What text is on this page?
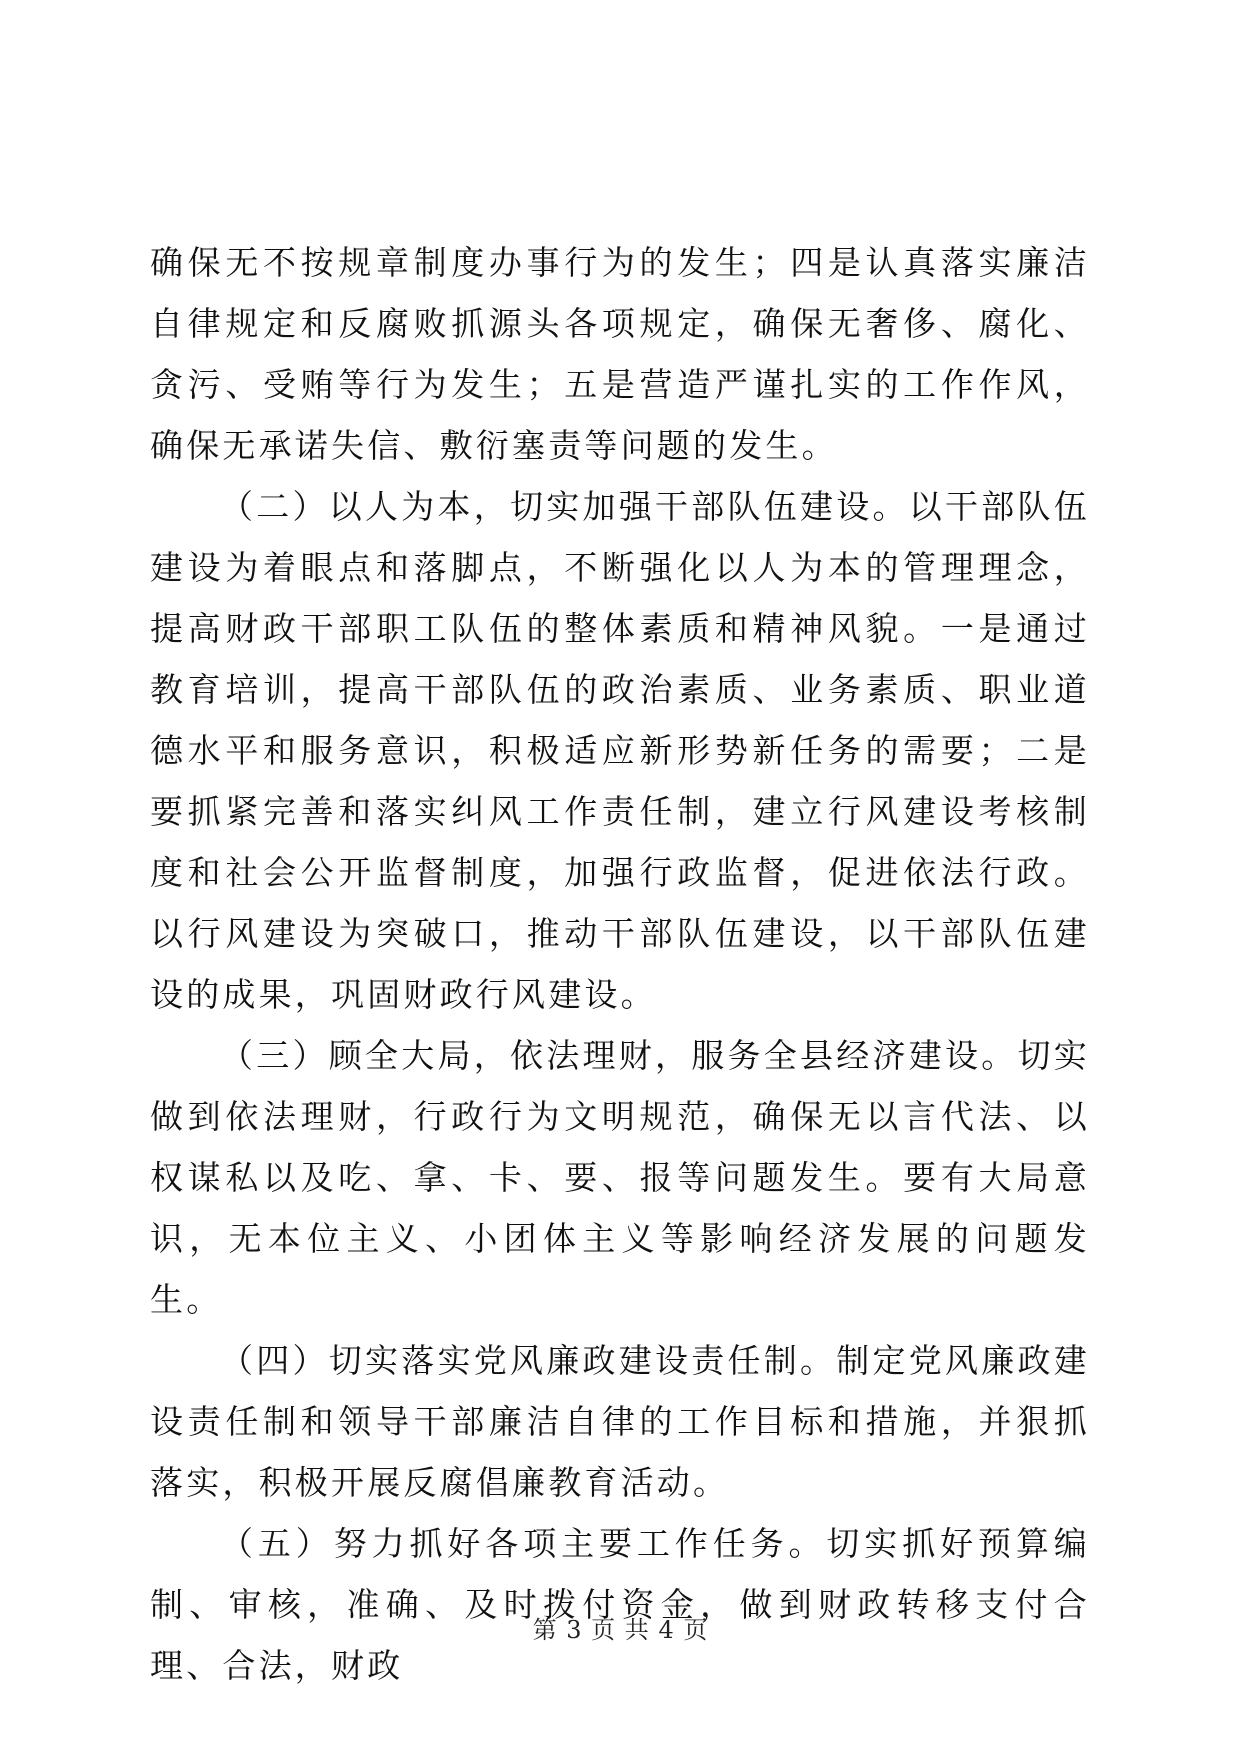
确保无不按规章制度办事行为的发生；四是认真落实廉洁自律规定和反腐败抓源头各项规定，确保无奢侈、腐化、贪污、受贿等行为发生；五是营造严谨扎实的工作作风，确保无承诺失信、敷衍塞责等问题的发生。

（二）以人为本，切实加强干部队伍建设。以干部队伍建设为着眼点和落脚点，不断强化以人为本的管理理念，提高财政干部职工队伍的整体素质和精神风貌。一是通过教育培训，提高干部队伍的政治素质、业务素质、职业道德水平和服务意识，积极适应新形势新任务的需要；二是要抓紧完善和落实纠风工作责任制，建立行风建设考核制度和社会公开监督制度，加强行政监督，促进依法行政。以行风建设为突破口，推动干部队伍建设，以干部队伍建设的成果，巩固财政行风建设。

（三）顾全大局，依法理财，服务全县经济建设。切实做到依法理财，行政行为文明规范，确保无以言代法、以权谋私以及吃、拿、卡、要、报等问题发生。要有大局意识，无本位主义、小团体主义等影响经济发展的问题发生。

（四）切实落实党风廉政建设责任制。制定党风廉政建设责任制和领导干部廉洁自律的工作目标和措施，并狠抓落实，积极开展反腐倡廉教育活动。

（五）努力抓好各项主要工作任务。切实抓好预算编制、审核，准确、及时拨付资金，做到财政转移支付合理、合法，财政

第 3 页 共 4 页
